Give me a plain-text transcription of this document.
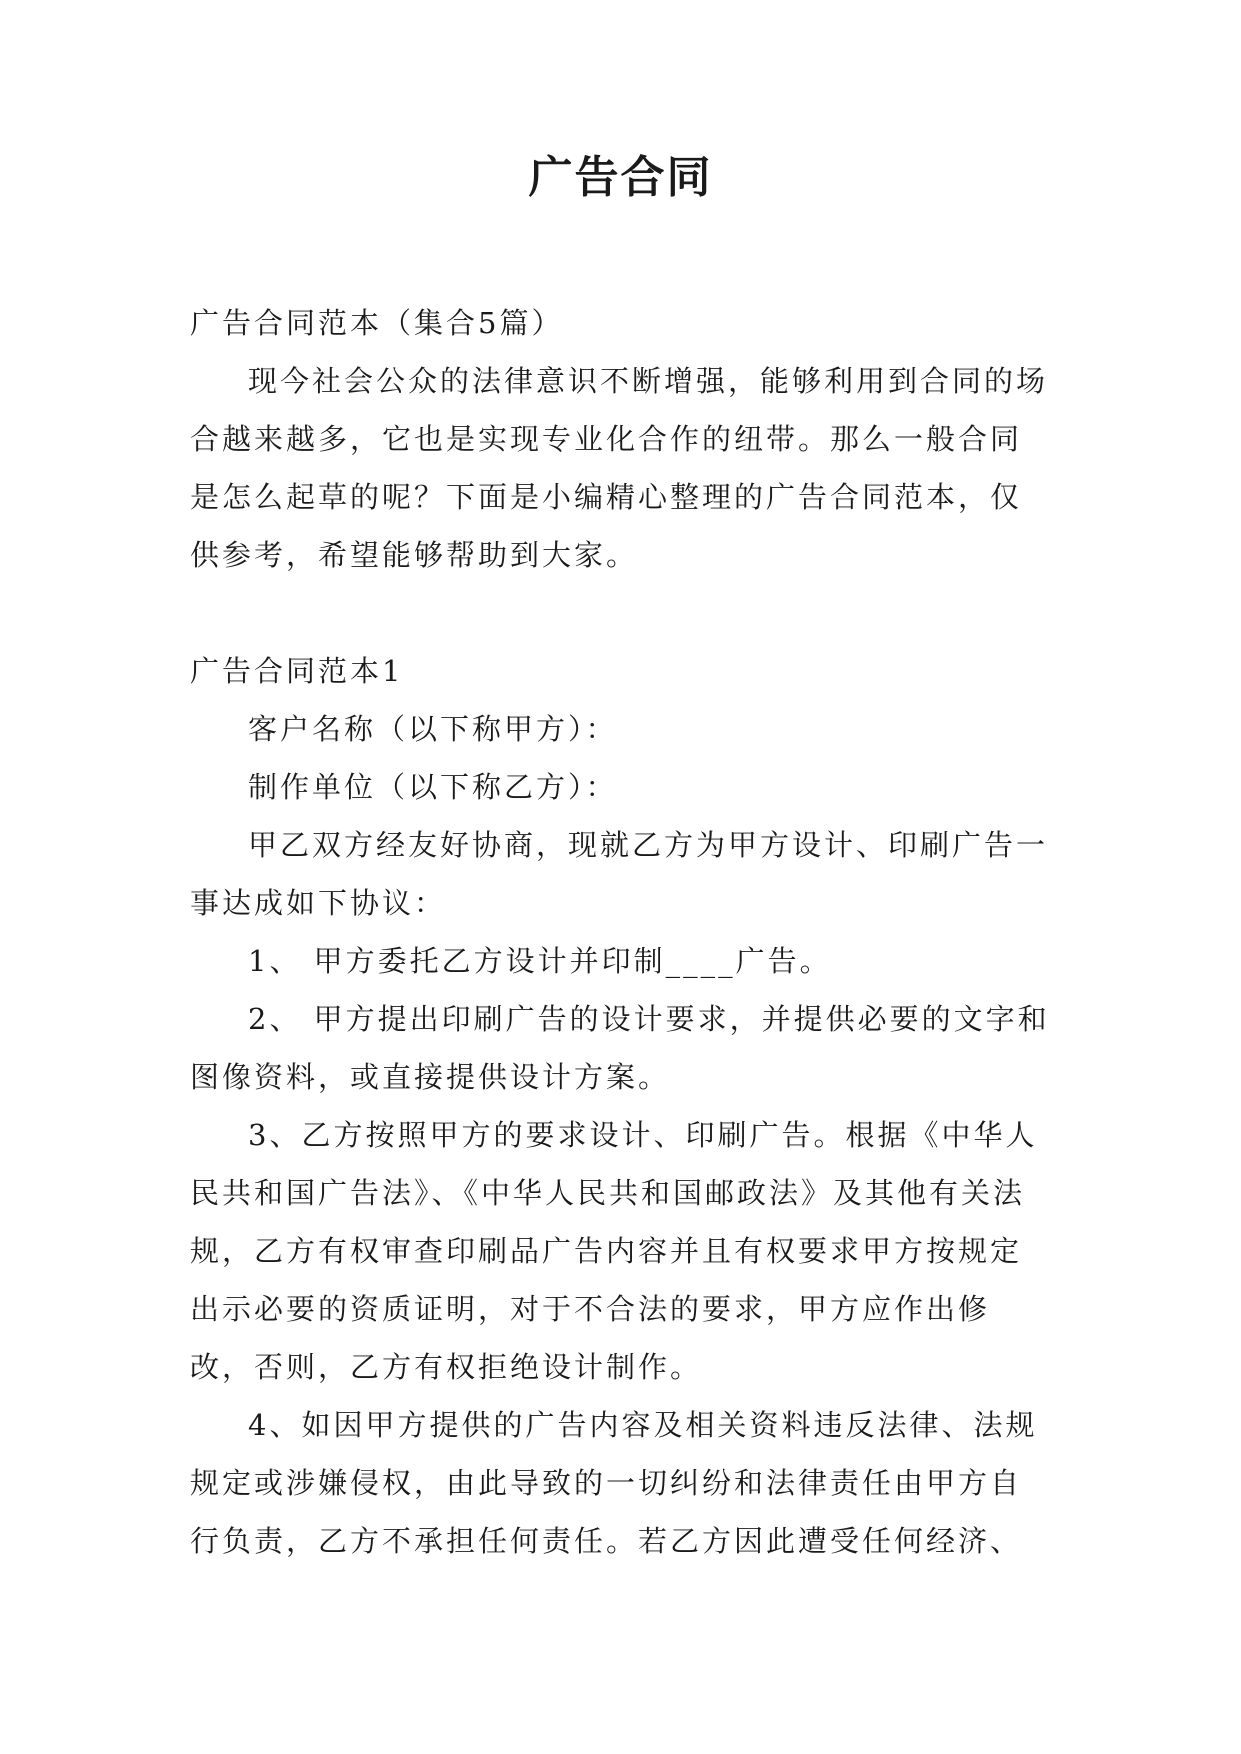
广告合同

广告合同范本（集合5篇）

现今社会公众的法律意识不断增强，能够利用到合同的场合越来越多，它也是实现专业化合作的纽带。那么一般合同是怎么起草的呢？下面是小编精心整理的广告合同范本，仅供参考，希望能够帮助到大家。

广告合同范本1

客户名称（以下称甲方）：

制作单位（以下称乙方）：

甲乙双方经友好协商，现就乙方为甲方设计、印刷广告一事达成如下协议：

1、 甲方委托乙方设计并印制____广告。

2、 甲方提出印刷广告的设计要求，并提供必要的文字和图像资料，或直接提供设计方案。

3、乙方按照甲方的要求设计、印刷广告。根据《中华人民共和国广告法》、《中华人民共和国邮政法》及其他有关法规，乙方有权审查印刷品广告内容并且有权要求甲方按规定出示必要的资质证明，对于不合法的要求，甲方应作出修改，否则，乙方有权拒绝设计制作。

4、如因甲方提供的广告内容及相关资料违反法律、法规规定或涉嫌侵权，由此导致的一切纠纷和法律责任由甲方自行负责，乙方不承担任何责任。若乙方因此遭受任何经济、
